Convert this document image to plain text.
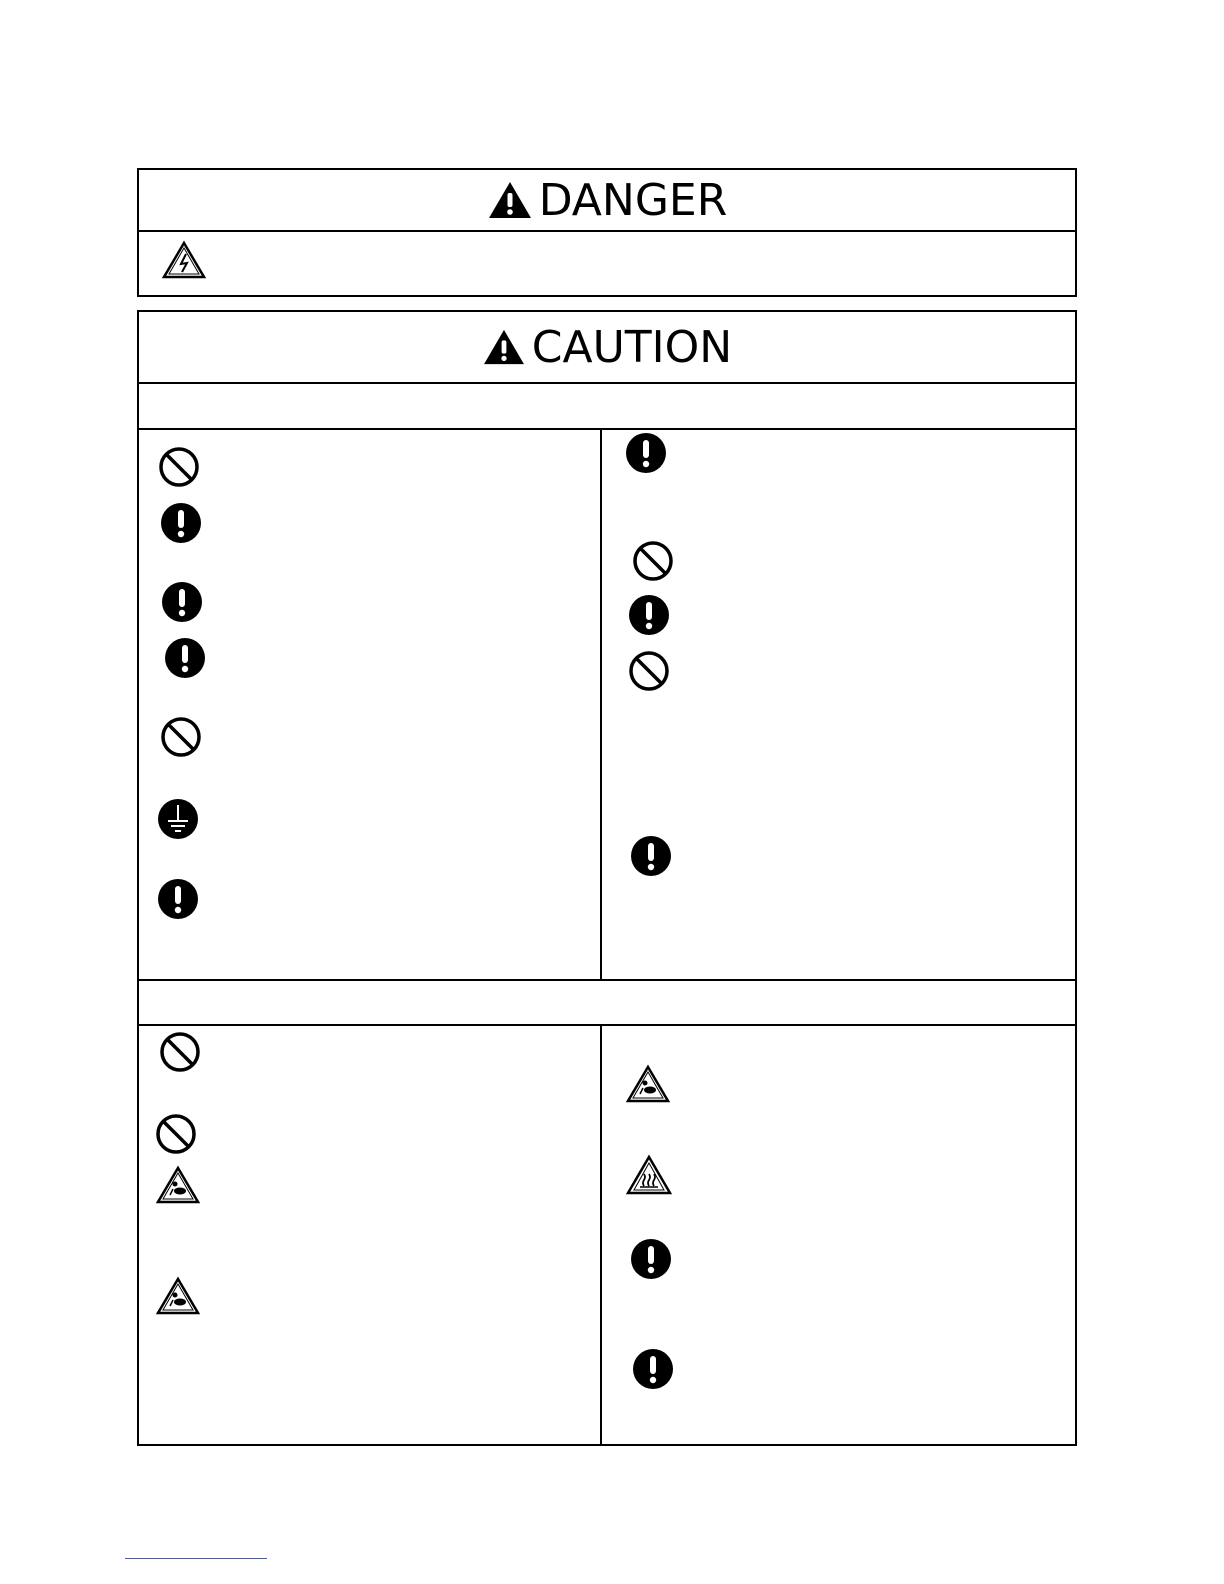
DANGER
CAUTION
